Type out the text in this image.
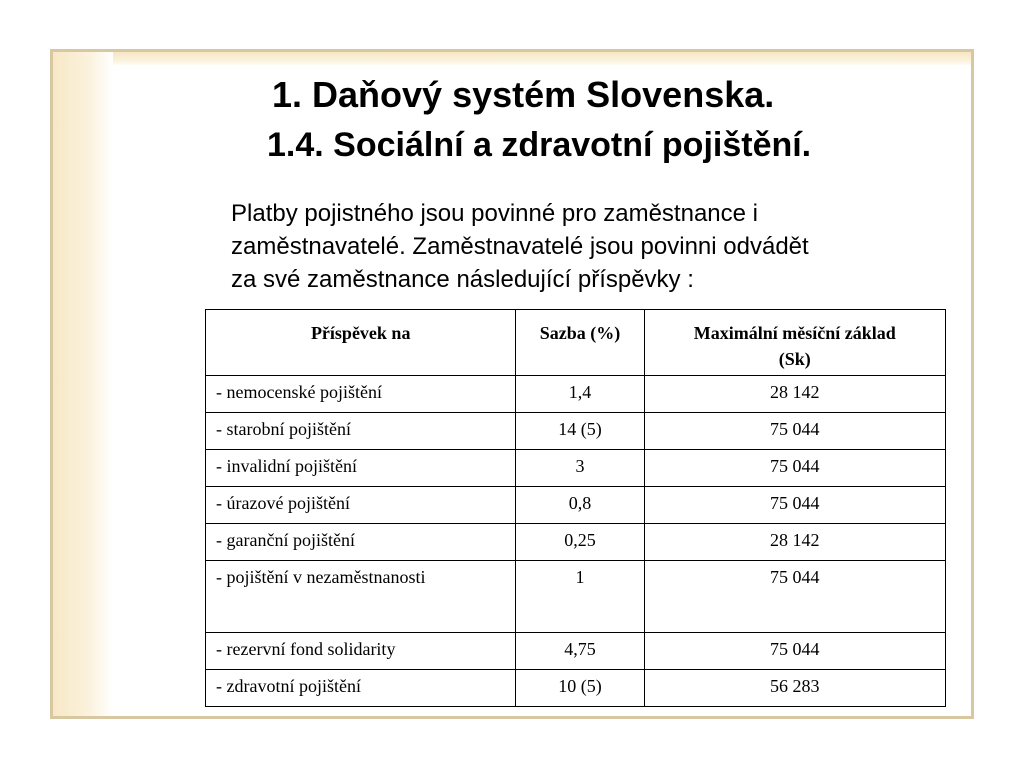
1. Daňový systém Slovenska.
1.4. Sociální a zdravotní pojištění.
Platby pojistného jsou povinné pro zaměstnance i
zaměstnavatelé. Zaměstnavatelé jsou povinni odvádět
za své zaměstnance následující příspěvky :
Příspěvek na	Sazba (%)	Maximální měsíční základ
(Sk)
- nemocenské pojištění	1,4	28 142
- starobní pojištění	14 (5)	75 044
- invalidní pojištění	3	75 044
- úrazové pojištění	0,8	75 044
- garanční pojištění	0,25	28 142
- pojištění v nezaměstnanosti	1	75 044
- rezervní fond solidarity	4,75	75 044
- zdravotní pojištění	10 (5)	56 283
